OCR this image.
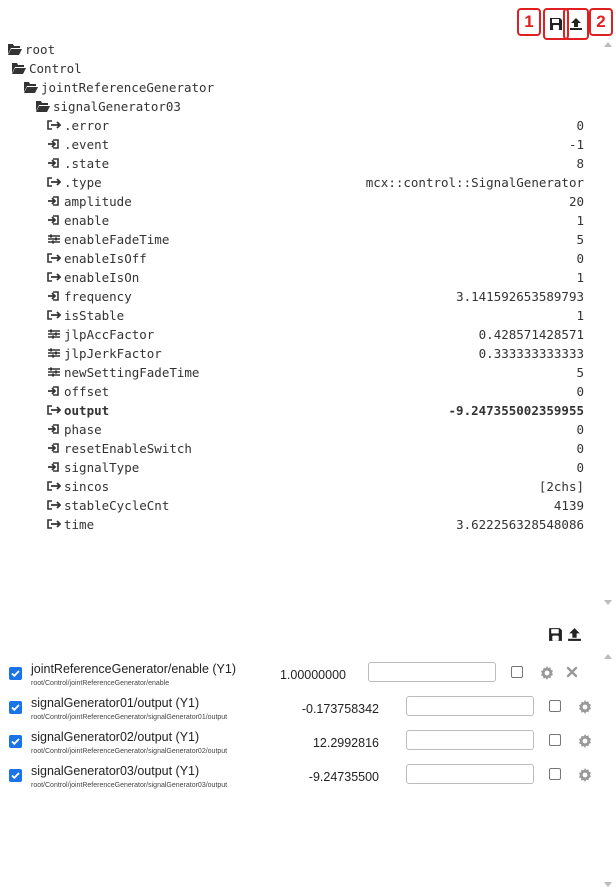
1	2
root
Control
jointReferenceGenerator
signalGenerator03
.error	0
.event	-1
.state	8
.type	mcx::control::SignalGenerator
amplitude	20
enable	1
enableFadeTime	5
enableIsOff	0
enableIsOn	1
frequency	3.141592653589793
isStable	1
jlpAccFactor	0.428571428571
jlpJerkFactor	0.333333333333
newSettingFadeTime	5
offset	0
output	-9.247355002359955
phase	0
resetEnableSwitch	0
signalType	0
sincos	[2chs]
stableCycleCnt	4139
time	3.622256328548086
jointReferenceGenerator/enable (Y1)
root/Control/jointReferenceGenerator/enable
1.00000000
signalGenerator01/output (Y1)
root/Control/jointReferenceGenerator/signalGenerator01/output
-0.173758342
signalGenerator02/output (Y1)
root/Control/jointReferenceGenerator/signalGenerator02/output
12.2992816
signalGenerator03/output (Y1)
root/Control/jointReferenceGenerator/signalGenerator03/output
-9.24735500
